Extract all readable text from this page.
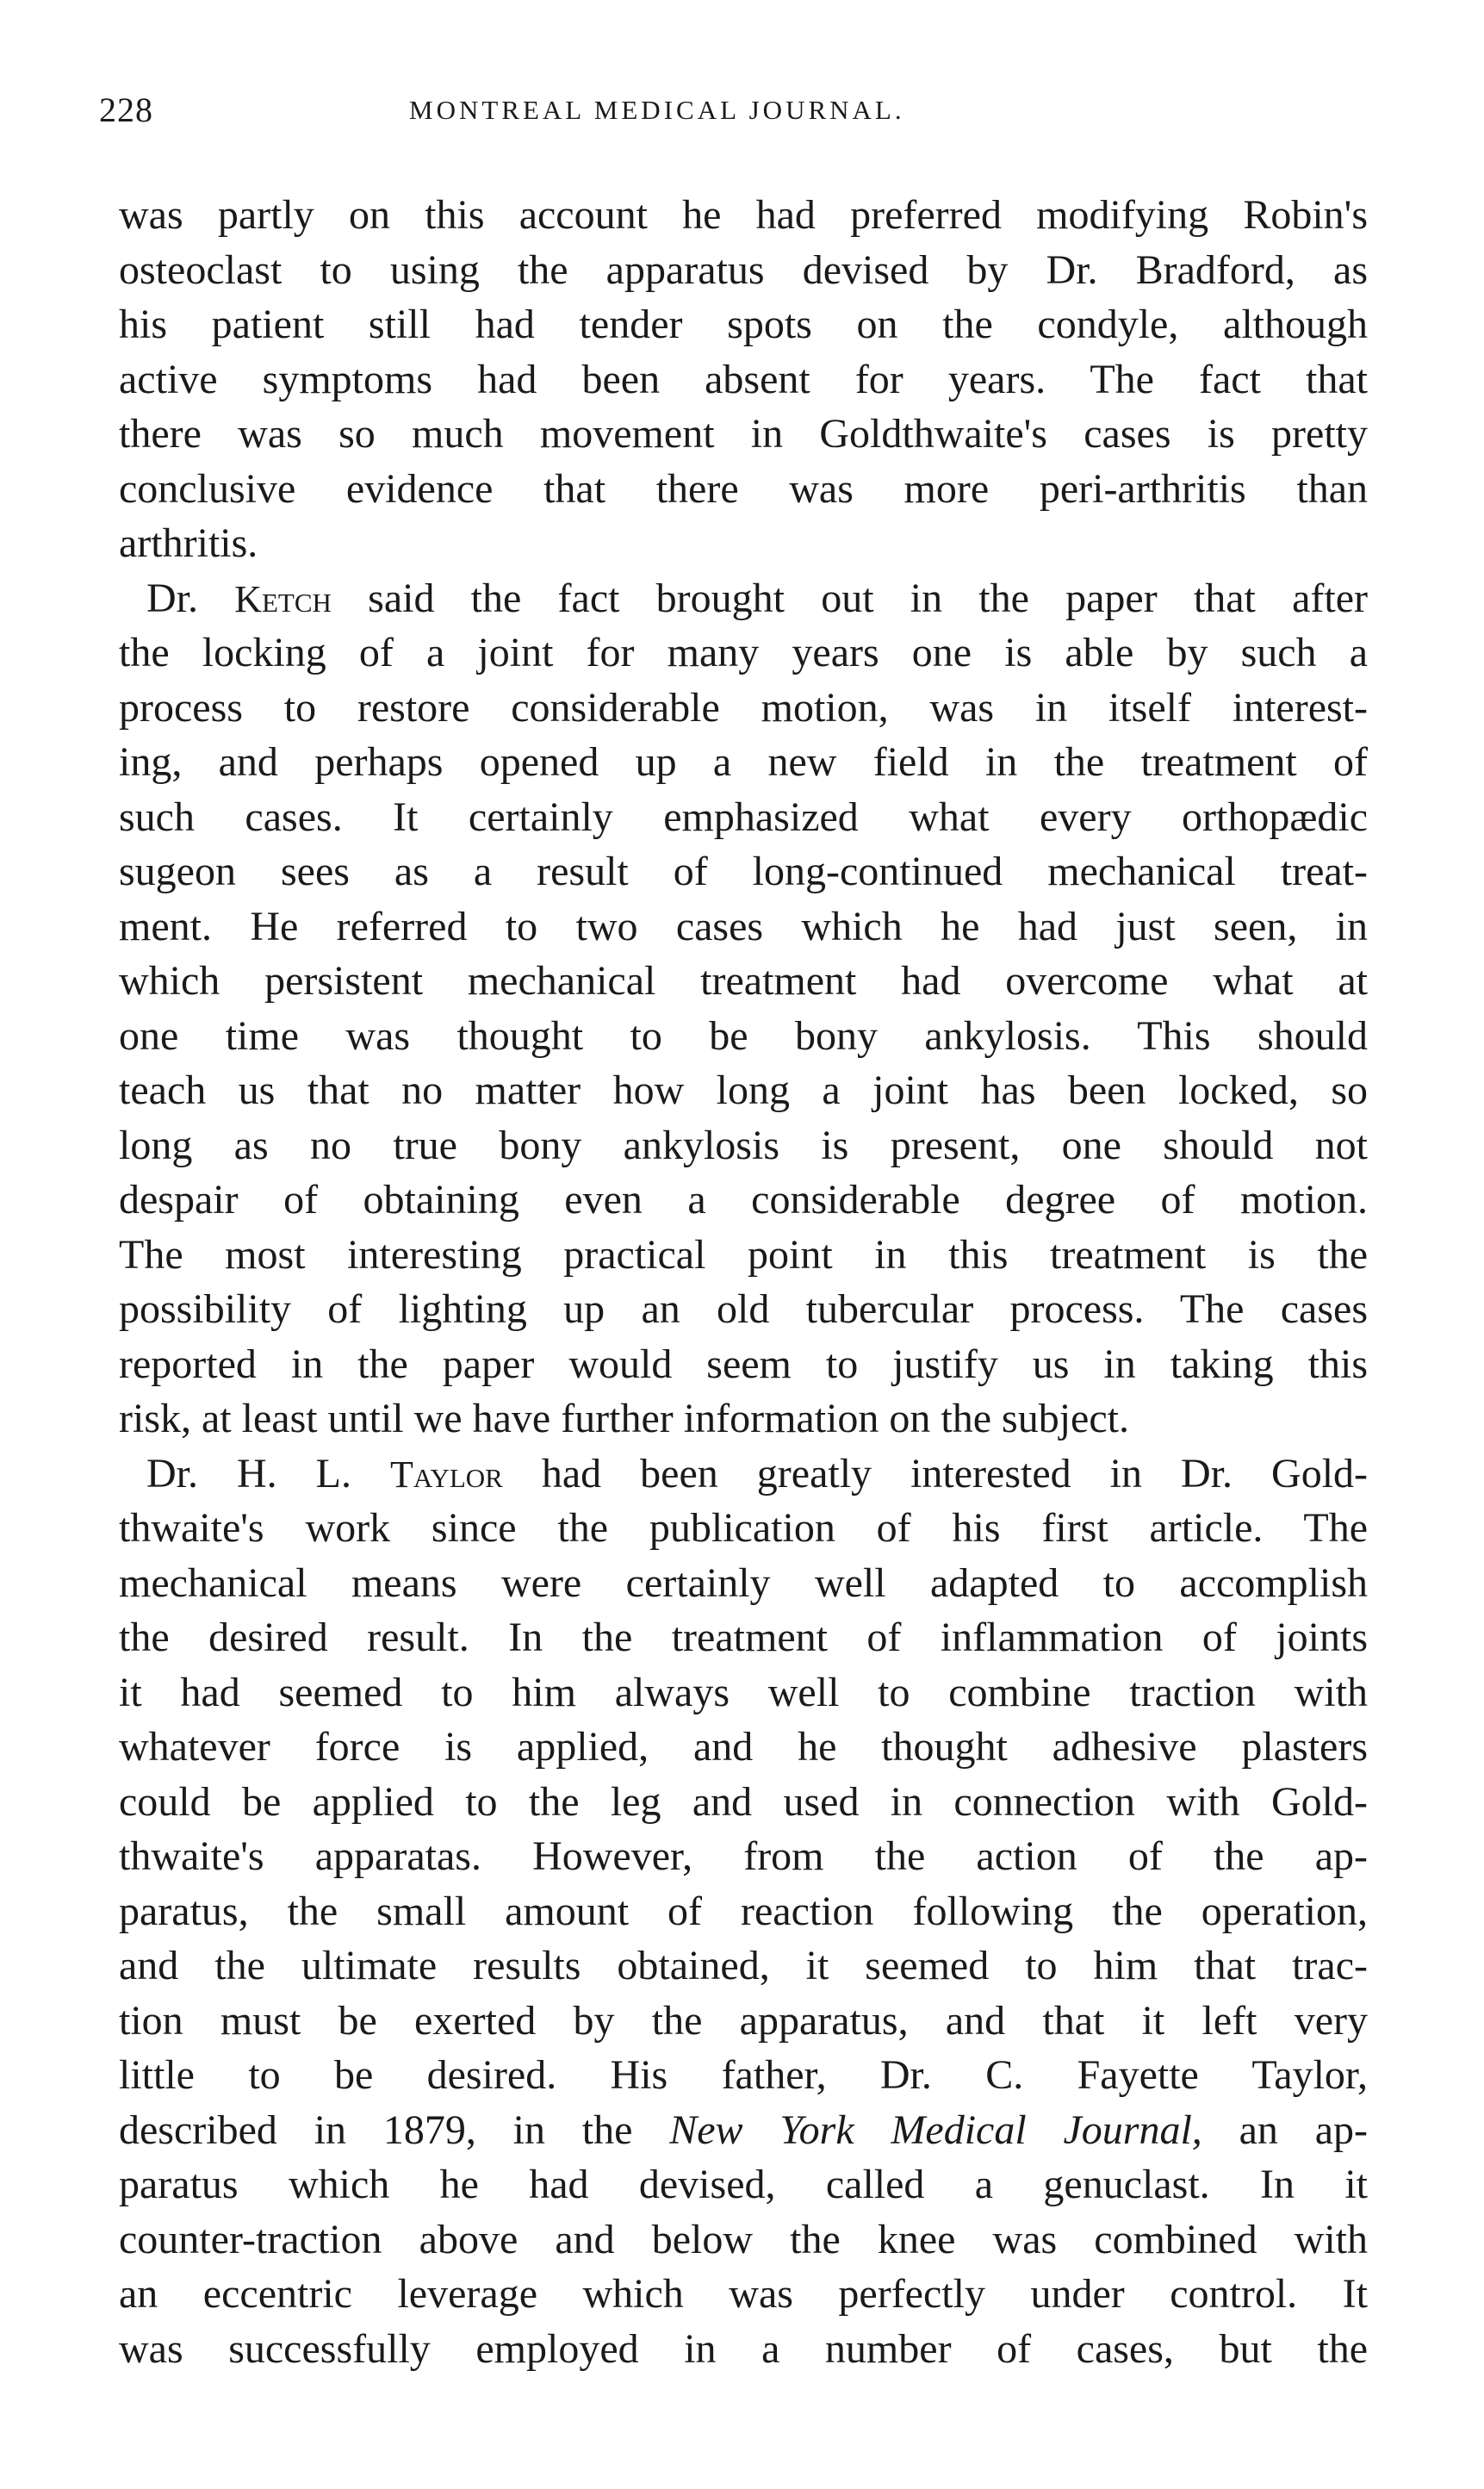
228	MONTREAL MEDICAL JOURNAL.
was partly on this account he had preferred modifying Robin's
osteoclast to using the apparatus devised by Dr. Bradford, as
his patient still had tender spots on the condyle, although
active symptoms had been absent for years. The fact that
there was so much movement in Goldthwaite's cases is pretty
conclusive evidence that there was more peri-arthritis than
arthritis.
Dr. Ketch said the fact brought out in the paper that after
the locking of a joint for many years one is able by such a
process to restore considerable motion, was in itself interest-
ing, and perhaps opened up a new field in the treatment of
such cases. It certainly emphasized what every orthopædic
sugeon sees as a result of long-continued mechanical treat-
ment. He referred to two cases which he had just seen, in
which persistent mechanical treatment had overcome what at
one time was thought to be bony ankylosis. This should
teach us that no matter how long a joint has been locked, so
long as no true bony ankylosis is present, one should not
despair of obtaining even a considerable degree of motion.
The most interesting practical point in this treatment is the
possibility of lighting up an old tubercular process. The cases
reported in the paper would seem to justify us in taking this
risk, at least until we have further information on the subject.
Dr. H. L. Taylor had been greatly interested in Dr. Gold-
thwaite's work since the publication of his first article. The
mechanical means were certainly well adapted to accomplish
the desired result. In the treatment of inflammation of joints
it had seemed to him always well to combine traction with
whatever force is applied, and he thought adhesive plasters
could be applied to the leg and used in connection with Gold-
thwaite's apparatas. However, from the action of the ap-
paratus, the small amount of reaction following the operation,
and the ultimate results obtained, it seemed to him that trac-
tion must be exerted by the apparatus, and that it left very
little to be desired. His father, Dr. C. Fayette Taylor,
described in 1879, in the New York Medical Journal, an ap-
paratus which he had devised, called a genuclast. In it
counter-traction above and below the knee was combined with
an eccentric leverage which was perfectly under control. It
was successfully employed in a number of cases, but the
